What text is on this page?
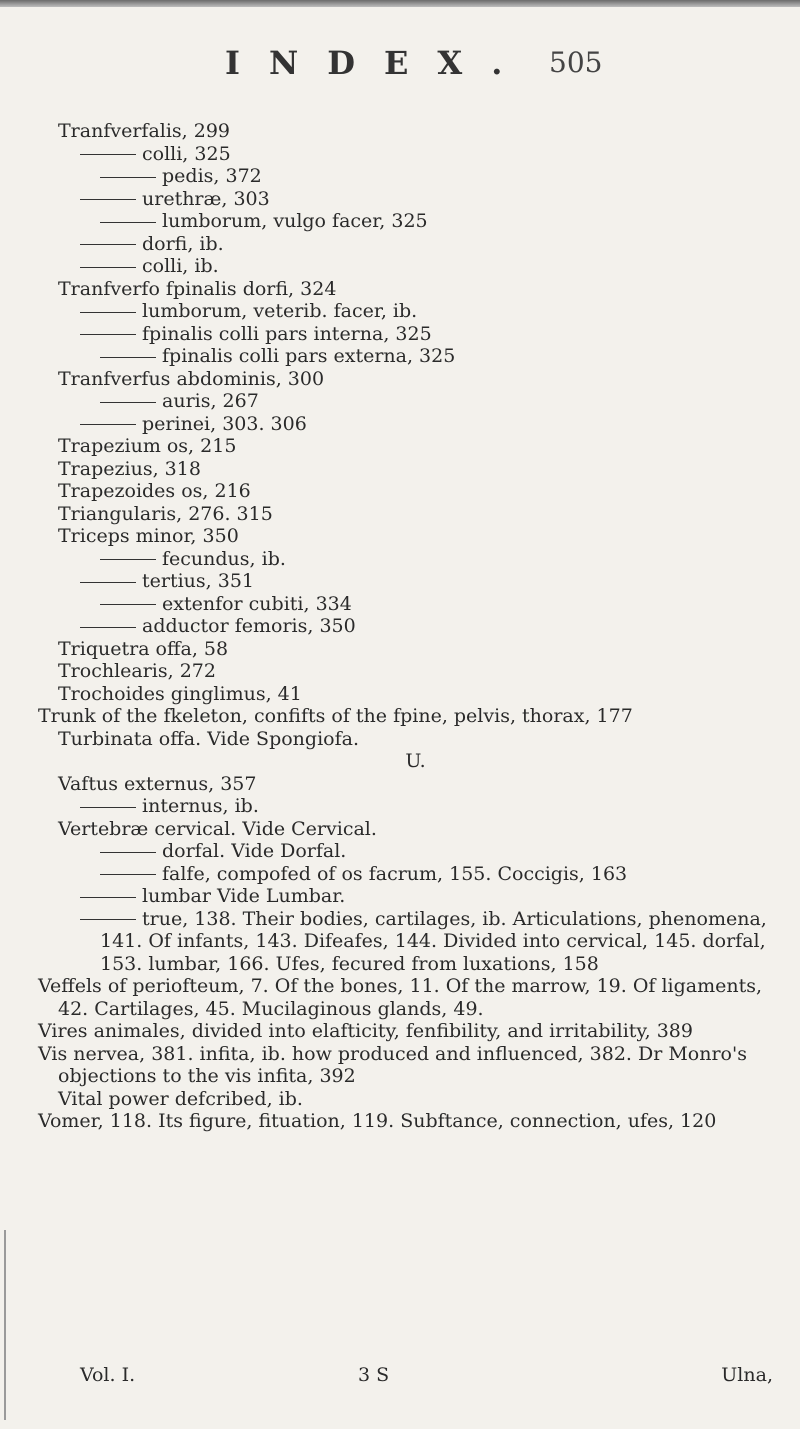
INDEX. 505
Tranfverfalis, 299
colli, 325
pedis, 372
urethræ, 303
lumborum, vulgo facer, 325
dorfi, ib.
colli, ib.
Tranfverfo fpinalis dorfi, 324
lumborum, veterib. facer, ib.
fpinalis colli pars interna, 325
fpinalis colli pars externa, 325
Tranfverfus abdominis, 300
auris, 267
perinei, 303. 306
Trapezium os, 215
Trapezius, 318
Trapezoides os, 216
Triangularis, 276. 315
Triceps minor, 350
fecundus, ib.
tertius, 351
extenfor cubiti, 334
adductor femoris, 350
Triquetra offa, 58
Trochlearis, 272
Trochoides ginglimus, 41
Trunk of the fkeleton, confifts of the fpine, pelvis, thorax, 177
Turbinata offa. Vide Spongiofa.
U.
Vaftus externus, 357
internus, ib.
Vertebræ cervical. Vide Cervical.
dorfal. Vide Dorfal.
falfe, compofed of os facrum, 155. Coccigis, 163
lumbar Vide Lumbar.
true, 138. Their bodies, cartilages, ib. Articulations, phenomena, 141. Of infants, 143. Difeafes, 144. Divided into cervical, 145. dorfal, 153. lumbar, 166. Ufes, fecured from luxations, 158
Veffels of periofteum, 7. Of the bones, 11. Of the marrow, 19. Of ligaments, 42. Cartilages, 45. Mucilaginous glands, 49.
Vires animales, divided into elafticity, fenfibility, and irritability, 389
Vis nervea, 381. infita, ib. how produced and influenced, 382. Dr Monro's objections to the vis infita, 392
Vital power defcribed, ib.
Vomer, 118. Its figure, fituation, 119. Subftance, connection, ufes, 120
Vol. I.	3 S	Ulna,
